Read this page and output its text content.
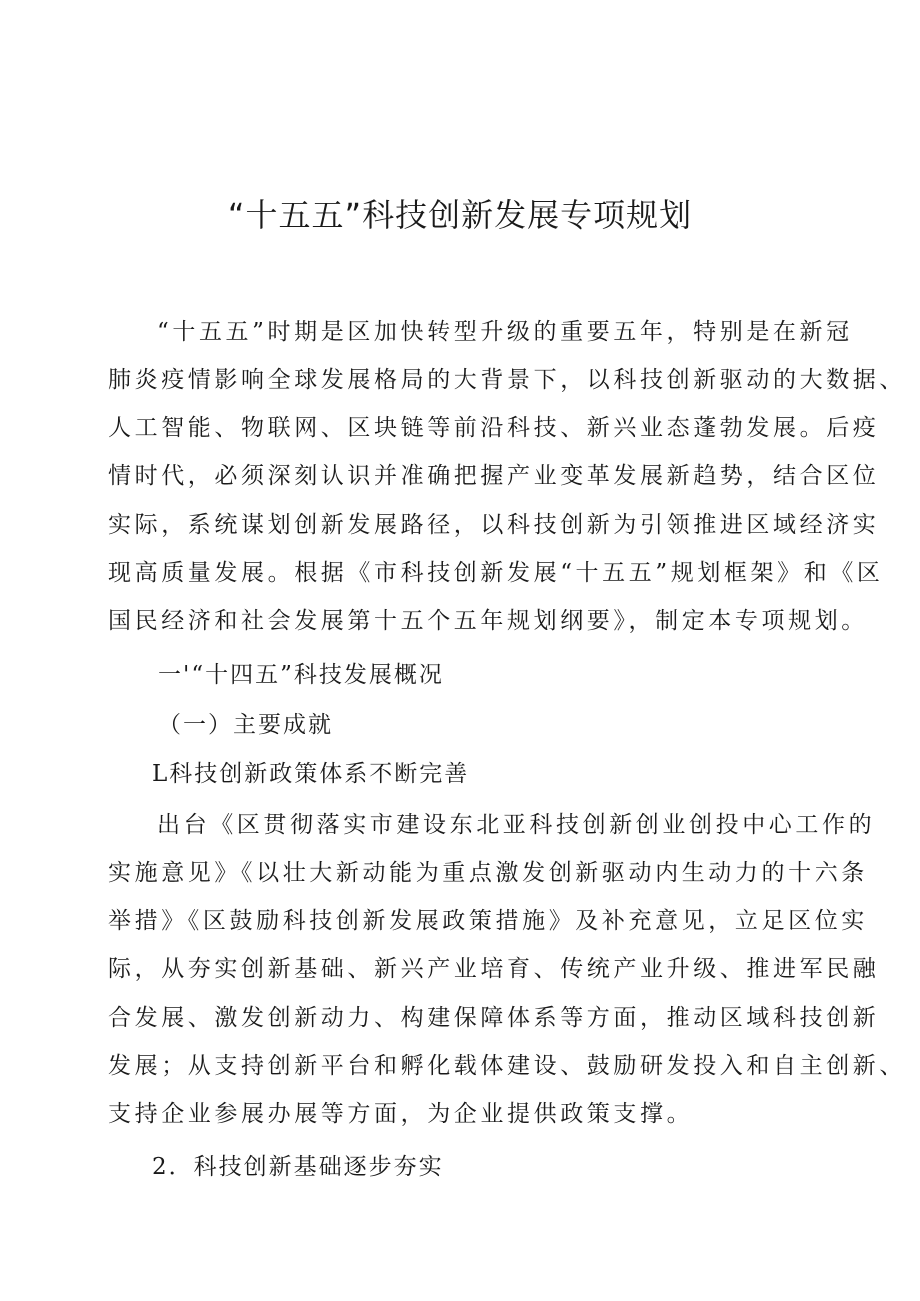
“十五五”科技创新发展专项规划

“十五五”时期是区加快转型升级的重要五年，特别是在新冠

肺炎疫情影响全球发展格局的大背景下，以科技创新驱动的大数据、

人工智能、物联网、区块链等前沿科技、新兴业态蓬勃发展。后疫

情时代，必须深刻认识并准确把握产业变革发展新趋势，结合区位

实际，系统谋划创新发展路径，以科技创新为引领推进区域经济实

现高质量发展。根据《市科技创新发展“十五五”规划框架》和《区

国民经济和社会发展第十五个五年规划纲要》，制定本专项规划。

一'“十四五”科技发展概况

（一）主要成就

L科技创新政策体系不断完善

出台《区贯彻落实市建设东北亚科技创新创业创投中心工作的

实施意见》《以壮大新动能为重点激发创新驱动内生动力的十六条

举措》《区鼓励科技创新发展政策措施》及补充意见，立足区位实

际，从夯实创新基础、新兴产业培育、传统产业升级、推进军民融

合发展、激发创新动力、构建保障体系等方面，推动区域科技创新

发展；从支持创新平台和孵化载体建设、鼓励研发投入和自主创新、

支持企业参展办展等方面，为企业提供政策支撑。

2．科技创新基础逐步夯实
